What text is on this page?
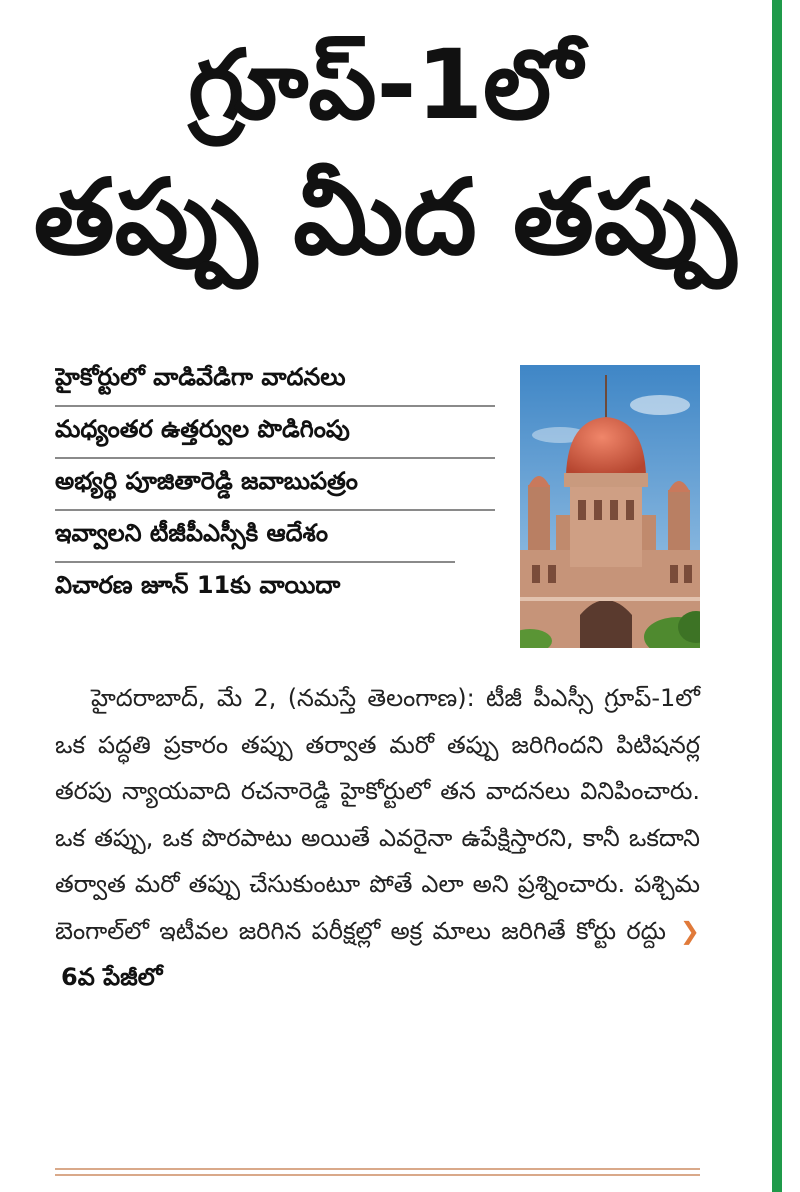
గ్రూప్‌-1లో
తప్పు మీద తప్పు
హైకోర్టులో వాడివేడిగా వాదనలు
మధ్యంతర ఉత్తర్వుల పొడిగింపు
అభ్యర్థి పూజితారెడ్డి జవాబుపత్రం
ఇవ్వాలని టీజీపీఎస్సీకి ఆదేశం
విచారణ జూన్‌ 11కు వాయిదా

హైదరాబాద్‌, మే 2, (నమస్తే తెలంగాణ): టీజీ పీఎస్సీ గ్రూప్‌-1లో ఒక పద్ధతి ప్రకారం తప్పు తర్వాత మరో తప్పు జరిగిందని పిటిషనర్ల తరపు న్యాయవాది రచనారెడ్డి హైకోర్టులో తన వాదనలు వినిపించారు. ఒక తప్పు, ఒక పొరపాటు అయితే ఎవరైనా ఉపేక్షిస్తారని, కానీ ఒకదాని తర్వాత మరో తప్పు చేసుకుంటూ పోతే ఎలా అని ప్రశ్నించారు. పశ్చిమ బెంగాల్‌లో ఇటీవల జరిగిన పరీక్షల్లో అక్ర మాలు జరిగితే కోర్టు రద్దు ❯6వ పేజీలో
